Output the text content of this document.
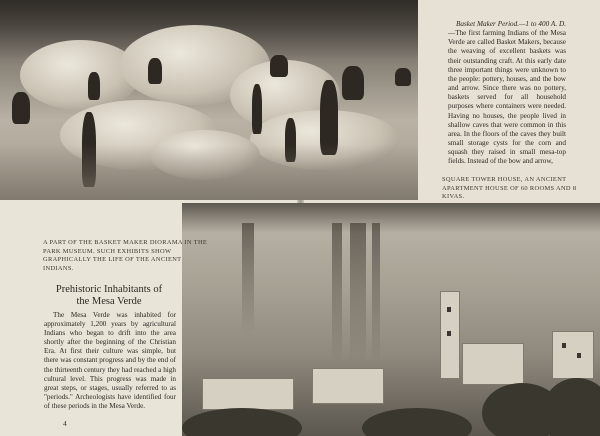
A PART OF THE BASKET MAKER DIORAMA IN THE PARK MUSEUM. SUCH EXHIBITS SHOW GRAPHICALLY THE LIFE OF THE ANCIENT INDIANS.
SQUARE TOWER HOUSE, AN ANCIENT APARTMENT HOUSE OF 60 ROOMS AND 8 KIVAS.
Prehistoric Inhabitants of
the Mesa Verde

The Mesa Verde was inhabited for approximately 1,200 years by agricultural Indians who began to drift into the area shortly after the beginning of the Christian Era. At first their culture was simple, but there was constant progress and by the end of the thirteenth century they had reached a high cultural level. This progress was made in great steps, or stages, usually referred to as "periods." Archeologists have identified four of these periods in the Mesa Verde.

Basket Maker Period.—1 to 400 A. D.—The first farming Indians of the Mesa Verde are called Basket Makers, because the weaving of excellent baskets was their outstanding craft. At this early date three important things were unknown to the people: pottery, houses, and the bow and arrow. Since there was no pottery, baskets served for all household purposes where containers were needed. Having no houses, the people lived in shallow caves that were common in this area. In the floors of the caves they built small storage cysts for the corn and squash they raised in small mesa-top fields. Instead of the bow and arrow,

4
